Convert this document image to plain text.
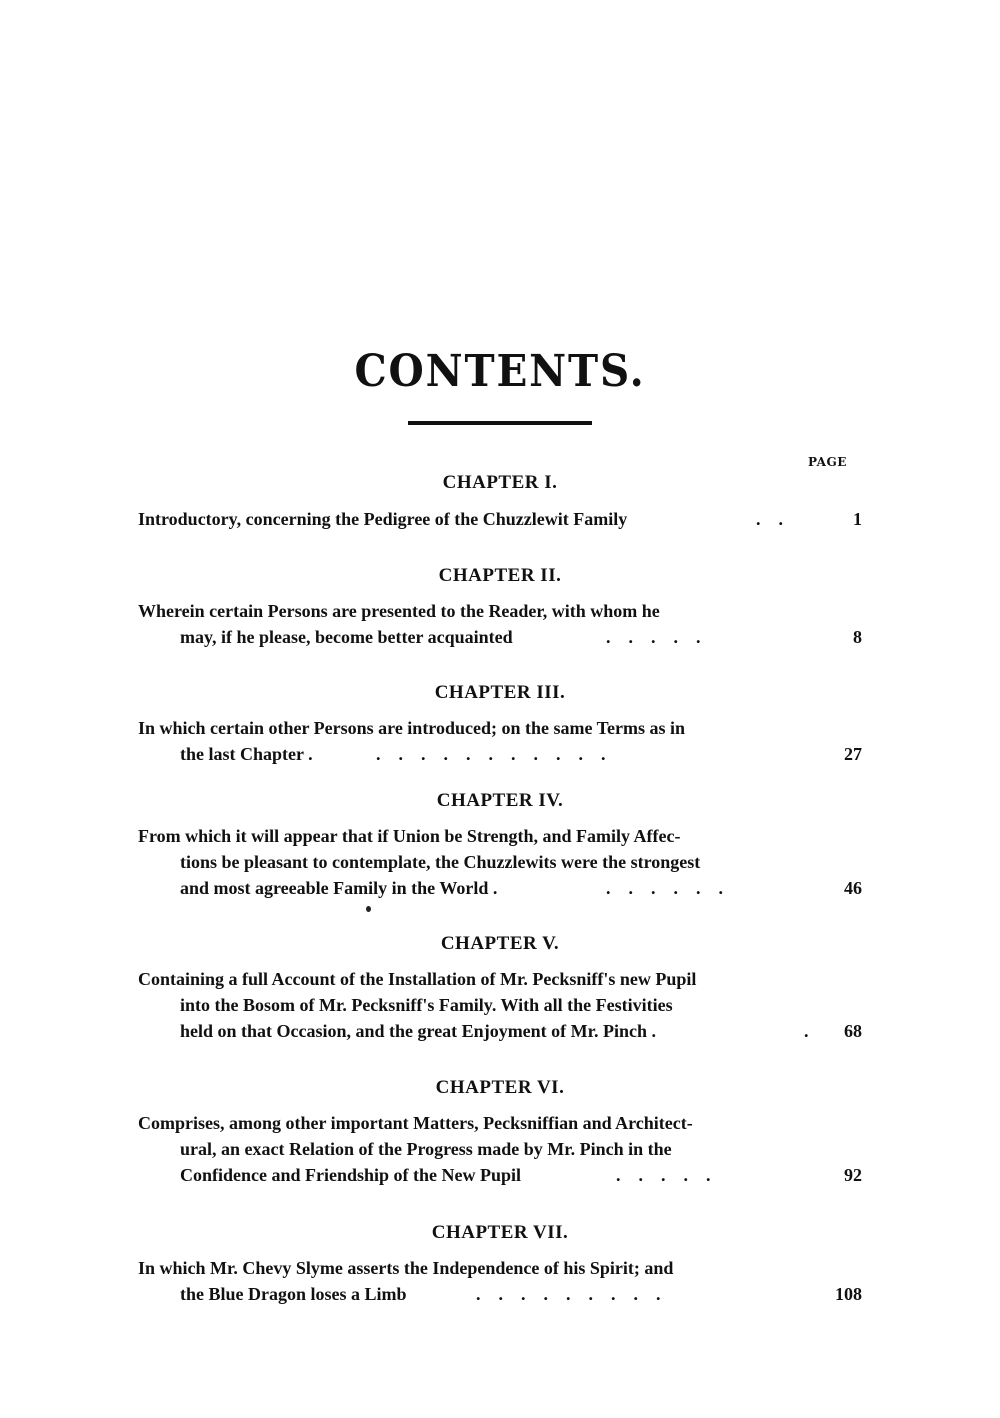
CONTENTS.
PAGE
CHAPTER I.
Introductory, concerning the Pedigree of the Chuzzlewit Family	.    .	1
CHAPTER II.
Wherein certain Persons are presented to the Reader, with whom he
may, if he please, become better acquainted	.    .    .    .    .	8
CHAPTER III.
In which certain other Persons are introduced; on the same Terms as in
the last Chapter .	.    .    .    .    .    .    .    .    .    .    .	27
CHAPTER IV.
From which it will appear that if Union be Strength, and Family Affec-
tions be pleasant to contemplate, the Chuzzlewits were the strongest
and most agreeable Family in the World .	.    .    .    .    .    .	46
CHAPTER V.
Containing a full Account of the Installation of Mr. Pecksniff's new Pupil
into the Bosom of Mr. Pecksniff's Family. With all the Festivities
held on that Occasion, and the great Enjoyment of Mr. Pinch .	. 68
CHAPTER VI.
Comprises, among other important Matters, Pecksniffian and Architect-
ural, an exact Relation of the Progress made by Mr. Pinch in the
Confidence and Friendship of the New Pupil	.    .    .    .    .	92
CHAPTER VII.
In which Mr. Chevy Slyme asserts the Independence of his Spirit; and
the Blue Dragon loses a Limb	.    .    .    .    .    .    .    .    .	108
